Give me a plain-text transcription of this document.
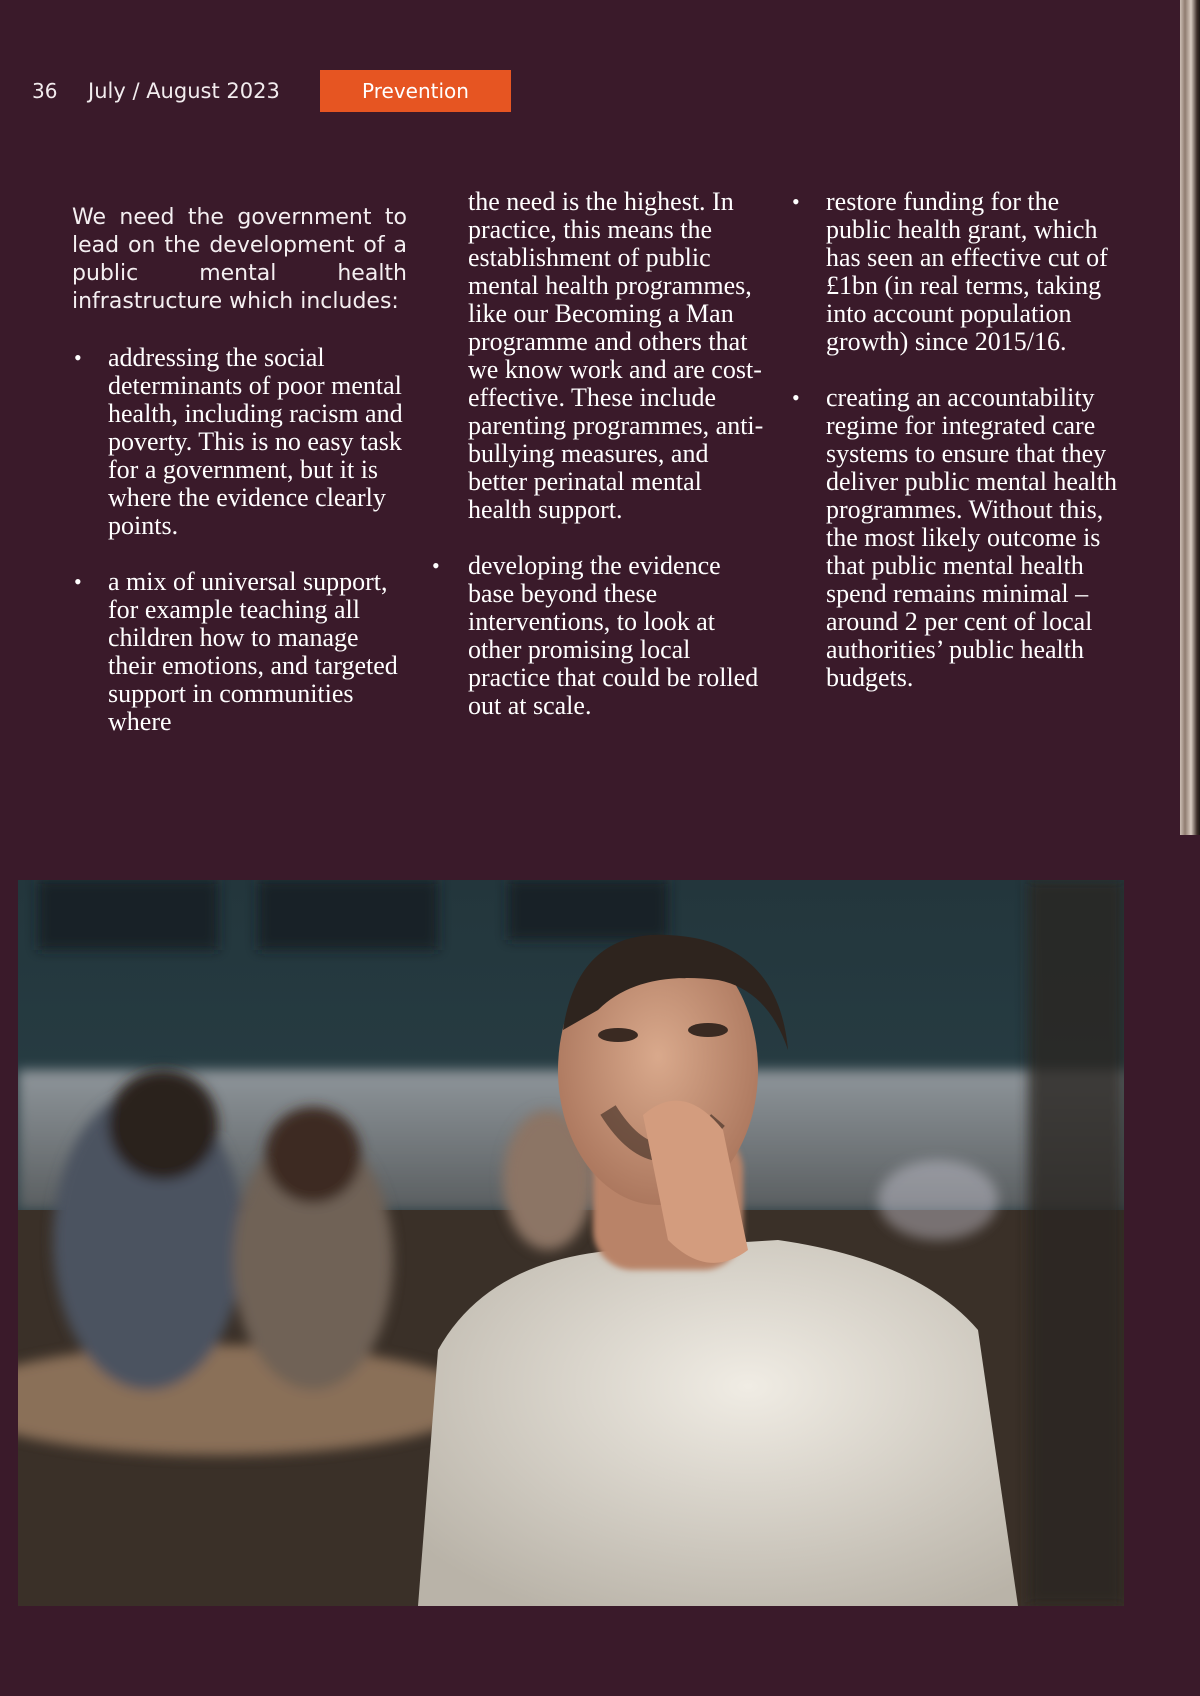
36 July / August 2023	Prevention

We need the government to lead on the development of a public mental health infrastructure which includes:

• addressing the social determinants of poor mental health, including racism and poverty. This is no easy task for a government, but it is where the evidence clearly points.
• a mix of universal support, for example teaching all children how to manage their emotions, and targeted support in communities where

the need is the highest. In practice, this means the establishment of public mental health programmes, like our Becoming a Man programme and others that we know work and are cost-effective. These include parenting programmes, anti-bullying measures, and better perinatal mental health support.

• developing the evidence base beyond these interventions, to look at other promising local practice that could be rolled out at scale.
• restore funding for the public health grant, which has seen an effective cut of £1bn (in real terms, taking into account population growth) since 2015/16.
• creating an accountability regime for integrated care systems to ensure that they deliver public mental health programmes. Without this, the most likely outcome is that public mental health spend remains minimal – around 2 per cent of local authorities’ public health budgets.
